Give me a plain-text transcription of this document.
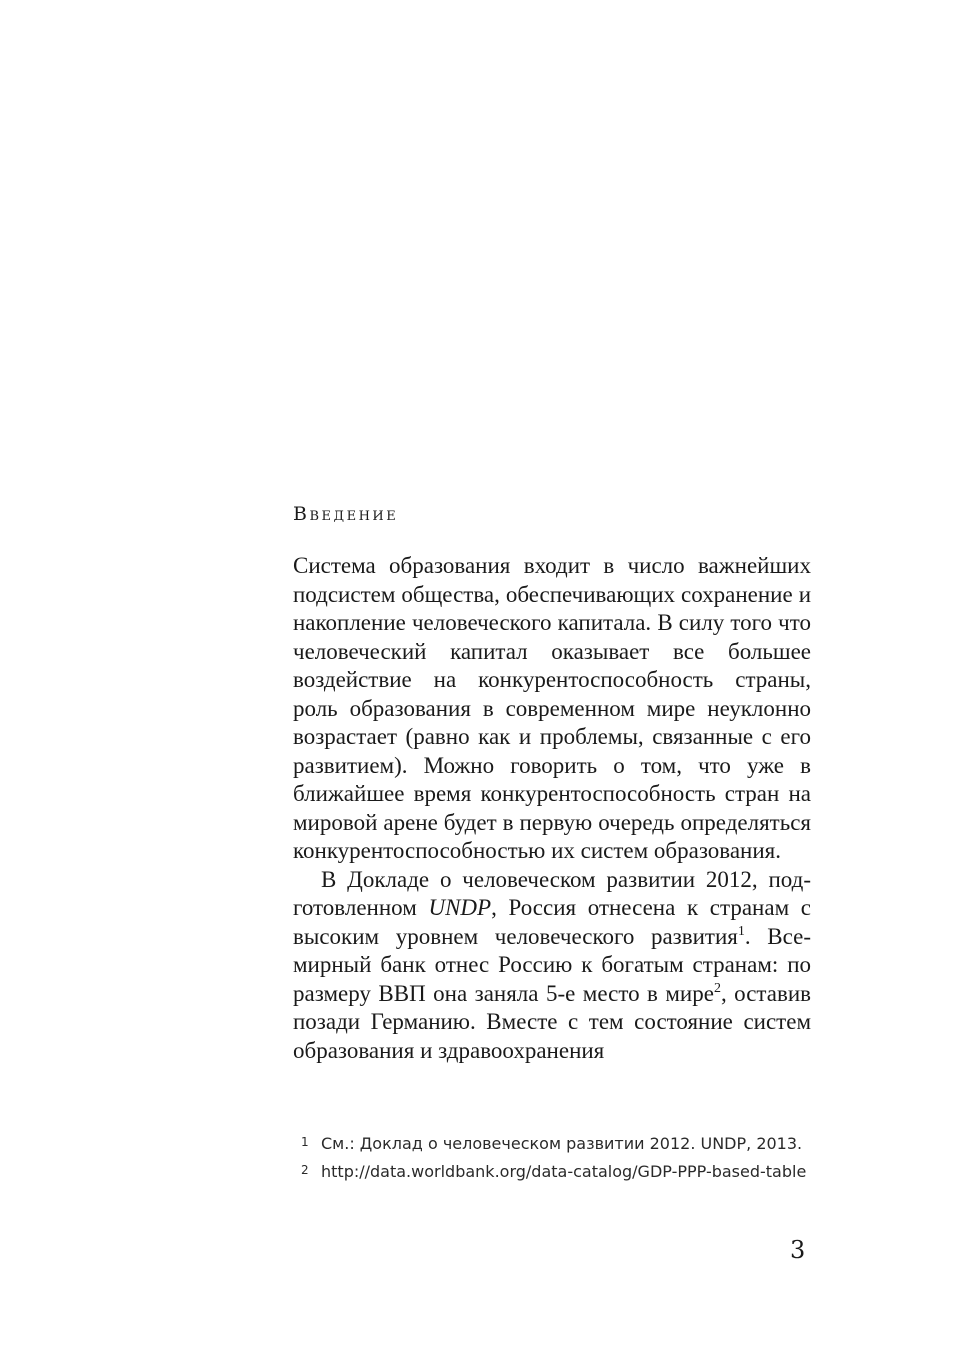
Введение

Система образования входит в число важнейших подсистем общества, обеспечивающих сохранение и накопление человеческого капитала. В силу того что человеческий капитал оказывает все большее воздействие на конкурентоспособность страны, роль образования в современном мире неуклонно возрастает (равно как и проблемы, связанные с его развитием). Можно говорить о том, что уже в ближайшее время конкурентоспособность стран на мировой арене будет в первую очередь определяться конкурентоспособностью их систем образования.

В Докладе о человеческом развитии 2012, подготовленном UNDP, Россия отнесена к странам с высоким уровнем человеческого развития$^1$. Всемирный банк отнес Россию к богатым странам: по размеру ВВП она заняла 5-е место в мире$^2$, оставив позади Германию. Вместе с тем состояние систем образования и здравоохранения

1 См.: Доклад о человеческом развитии 2012. UNDP, 2013.
2 http://data.worldbank.org/data-catalog/GDP-PPP-based-table
3
